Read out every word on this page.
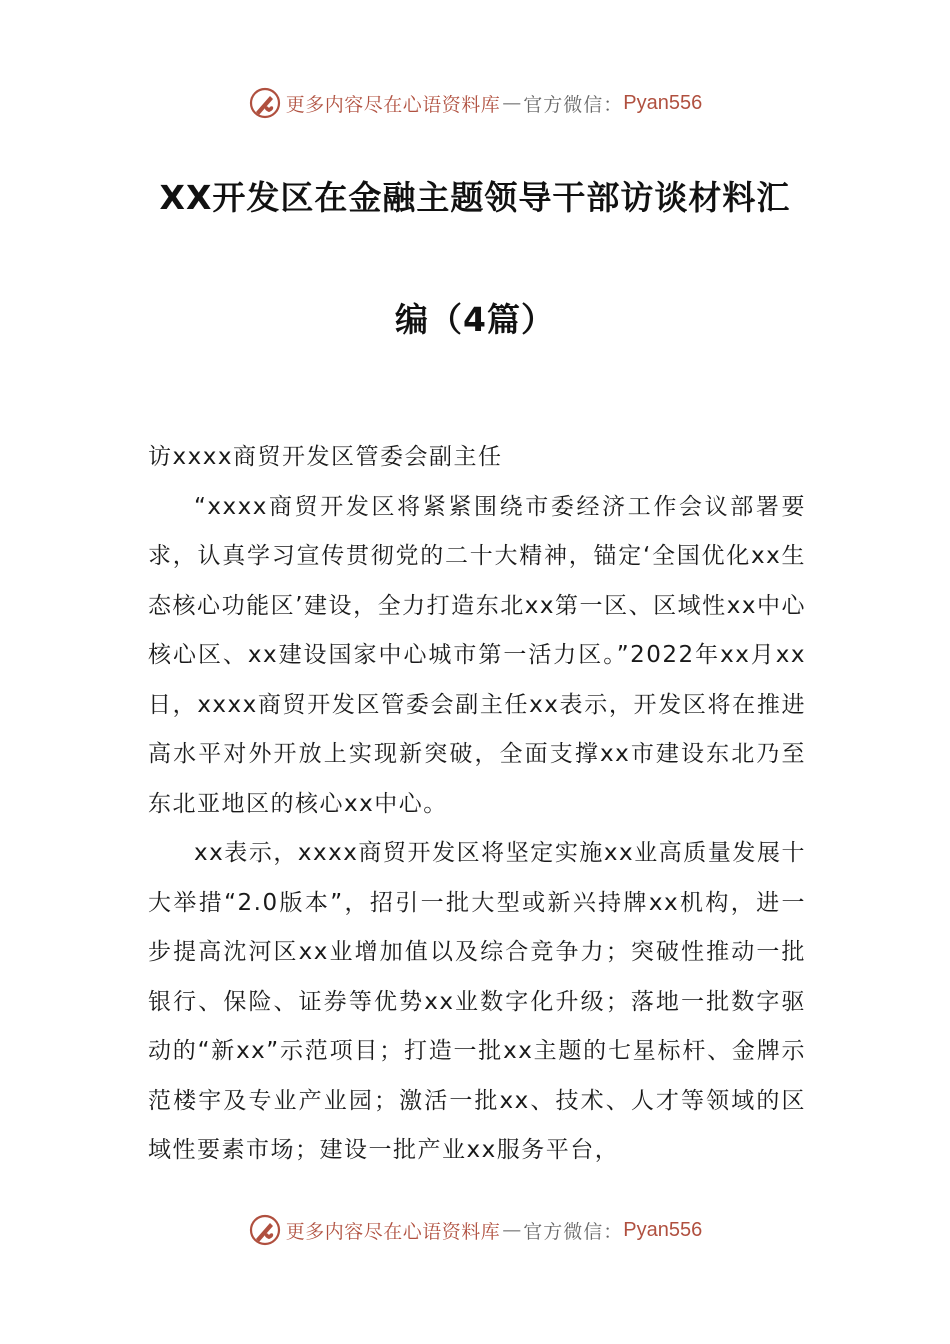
更多内容尽在心语资料库 — 官方微信： Pyan556
XX开发区在金融主题领导干部访谈材料汇
编（4篇）

访xxxx商贸开发区管委会副主任

“xxxx商贸开发区将紧紧围绕市委经济工作会议部署要求，认真学习宣传贯彻党的二十大精神，锚定‘全国优化xx生态核心功能区’建设，全力打造东北xx第一区、区域性xx中心核心区、xx建设国家中心城市第一活力区。”2022年xx月xx日，xxxx商贸开发区管委会副主任xx表示，开发区将在推进高水平对外开放上实现新突破，全面支撑xx市建设东北乃至东北亚地区的核心xx中心。

xx表示，xxxx商贸开发区将坚定实施xx业高质量发展十大举措“2.0版本”，招引一批大型或新兴持牌xx机构，进一步提高沈河区xx业增加值以及综合竞争力；突破性推动一批银行、保险、证券等优势xx业数字化升级；落地一批数字驱动的“新xx”示范项目；打造一批xx主题的七星标杆、金牌示范楼宇及专业产业园；激活一批xx、技术、人才等领域的区域性要素市场；建设一批产业xx服务平台，

更多内容尽在心语资料库 — 官方微信： Pyan556
